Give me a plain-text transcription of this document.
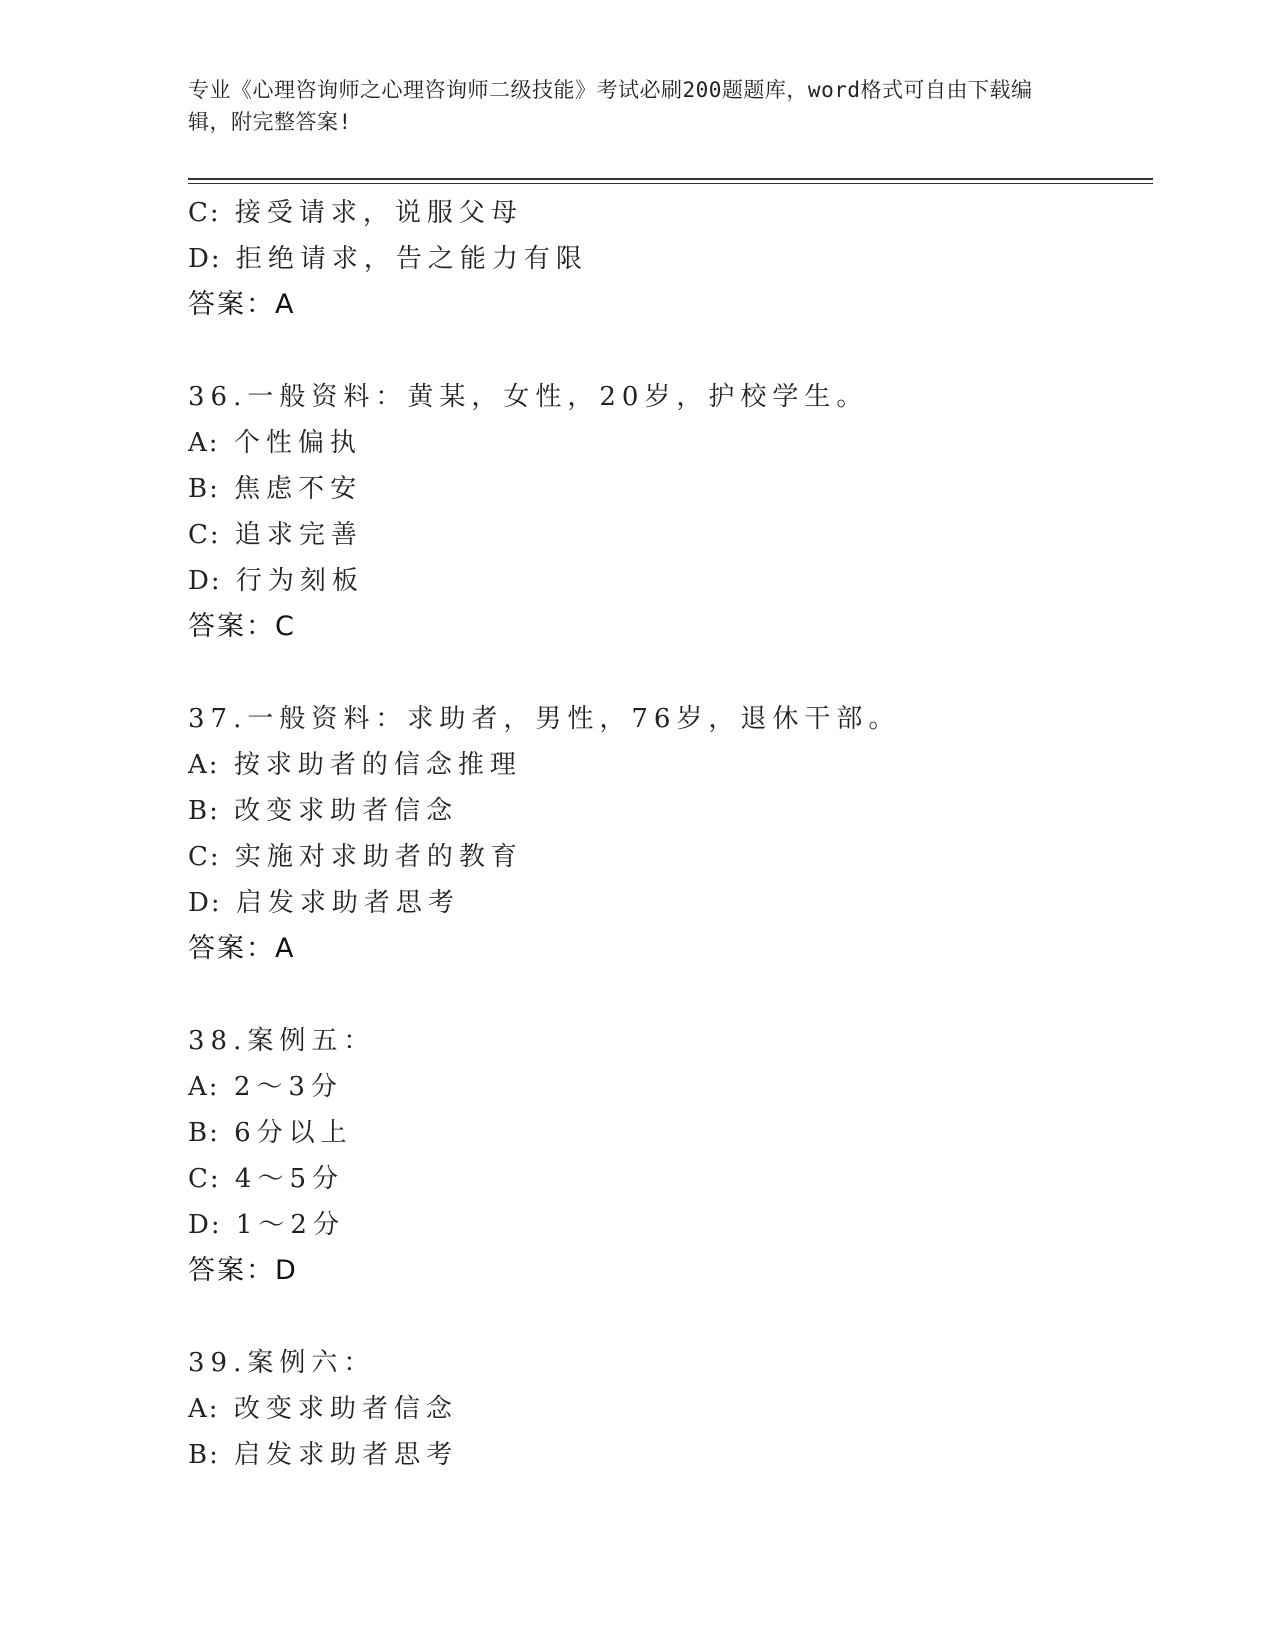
专业《心理咨询师之心理咨询师二级技能》考试必刷200题题库，word格式可自由下载编辑，附完整答案!
C: 接受请求，说服父母
D: 拒绝请求，告之能力有限
答案：A
36.一般资料：黄某，女性，20岁，护校学生。
A: 个性偏执
B: 焦虑不安
C: 追求完善
D: 行为刻板
答案：C
37.一般资料：求助者，男性，76岁，退休干部。
A: 按求助者的信念推理
B: 改变求助者信念
C: 实施对求助者的教育
D: 启发求助者思考
答案：A
38.案例五：
A: 2～3分
B: 6分以上
C: 4～5分
D: 1～2分
答案：D
39.案例六：
A: 改变求助者信念
B: 启发求助者思考
